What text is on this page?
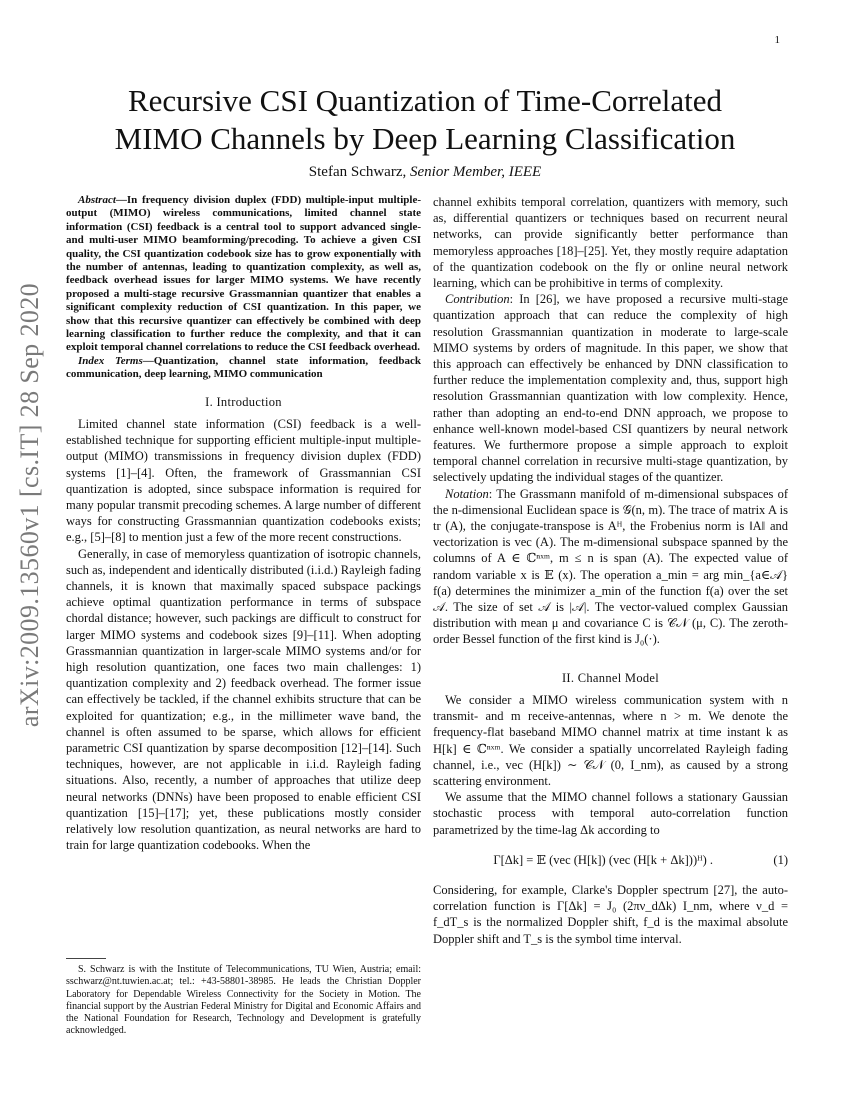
1
arXiv:2009.13560v1 [cs.IT] 28 Sep 2020
Recursive CSI Quantization of Time-Correlated
MIMO Channels by Deep Learning Classification
Stefan Schwarz, Senior Member, IEEE

Abstract—In frequency division duplex (FDD) multiple-input multiple-output (MIMO) wireless communications, limited channel state information (CSI) feedback is a central tool to support advanced single- and multi-user MIMO beamforming/precoding. To achieve a given CSI quality, the CSI quantization codebook size has to grow exponentially with the number of antennas, leading to quantization complexity, as well as, feedback overhead issues for larger MIMO systems. We have recently proposed a multi-stage recursive Grassmannian quantizer that enables a significant complexity reduction of CSI quantization. In this paper, we show that this recursive quantizer can effectively be combined with deep learning classification to further reduce the complexity, and that it can exploit temporal channel correlations to reduce the CSI feedback overhead.

Index Terms—Quantization, channel state information, feedback communication, deep learning, MIMO communication

I. Introduction

Limited channel state information (CSI) feedback is a well-established technique for supporting efficient multiple-input multiple-output (MIMO) transmissions in frequency division duplex (FDD) systems [1]–[4]. Often, the framework of Grassmannian CSI quantization is adopted, since subspace information is required for many popular transmit precoding schemes. A large number of different ways for constructing Grassmannian quantization codebooks exists; e.g., [5]–[8] to mention just a few of the more recent constructions.

Generally, in case of memoryless quantization of isotropic channels, such as, independent and identically distributed (i.i.d.) Rayleigh fading channels, it is known that maximally spaced subspace packings achieve optimal quantization performance in terms of subspace chordal distance; however, such packings are difficult to construct for larger MIMO systems and codebook sizes [9]–[11]. When adopting Grassmannian quantization in larger-scale MIMO systems and/or for high resolution quantization, one faces two main challenges: 1) quantization complexity and 2) feedback overhead. The former issue can effectively be tackled, if the channel exhibits structure that can be exploited for quantization; e.g., in the millimeter wave band, the channel is often assumed to be sparse, which allows for efficient parametric CSI quantization by sparse decomposition [12]–[14]. Such techniques, however, are not applicable in i.i.d. Rayleigh fading situations. Also, recently, a number of approaches that utilize deep neural networks (DNNs) have been proposed to enable efficient CSI quantization [15]–[17]; yet, these publications mostly consider relatively low resolution quantization, as neural networks are hard to train for large quantization codebooks. When the

S. Schwarz is with the Institute of Telecommunications, TU Wien, Austria; email: sschwarz@nt.tuwien.ac.at; tel.: +43-58801-38985. He leads the Christian Doppler Laboratory for Dependable Wireless Connectivity for the Society in Motion. The financial support by the Austrian Federal Ministry for Digital and Economic Affairs and the National Foundation for Research, Technology and Development is gratefully acknowledged.

channel exhibits temporal correlation, quantizers with memory, such as, differential quantizers or techniques based on recurrent neural networks, can provide significantly better performance than memoryless approaches [18]–[25]. Yet, they mostly require adaptation of the quantization codebook on the fly or online neural network learning, which can be prohibitive in terms of complexity.

Contribution: In [26], we have proposed a recursive multi-stage quantization approach that can reduce the complexity of high resolution Grassmannian quantization in moderate to large-scale MIMO systems by orders of magnitude. In this paper, we show that this approach can effectively be enhanced by DNN classification to further reduce the implementation complexity and, thus, support high resolution Grassmannian quantization with low complexity. Hence, rather than adopting an end-to-end DNN approach, we propose to enhance well-known model-based CSI quantizers by neural network features. We furthermore propose a simple approach to exploit temporal channel correlation in recursive multi-stage quantization, by selectively updating the individual stages of the quantizer.

Notation: The Grassmann manifold of m-dimensional subspaces of the n-dimensional Euclidean space is 𝒢(n, m). The trace of matrix A is tr (A), the conjugate-transpose is Aᴴ, the Frobenius norm is ‖A‖ and vectorization is vec (A). The m-dimensional subspace spanned by the columns of A ∈ ℂⁿˣᵐ, m ≤ n is span (A). The expected value of random variable x is 𝔼 (x). The operation a_min = arg min_{a∈𝒜} f(a) determines the minimizer a_min of the function f(a) over the set 𝒜. The size of set 𝒜 is |𝒜|. The vector-valued complex Gaussian distribution with mean μ and covariance C is 𝒞𝒩 (μ, C). The zeroth-order Bessel function of the first kind is J₀(·).

II. Channel Model

We consider a MIMO wireless communication system with n transmit- and m receive-antennas, where n > m. We denote the frequency-flat baseband MIMO channel matrix at time instant k as H[k] ∈ ℂⁿˣᵐ. We consider a spatially uncorrelated Rayleigh fading channel, i.e., vec (H[k]) ∼ 𝒞𝒩 (0, I_nm), as caused by a strong scattering environment.

We assume that the MIMO channel follows a stationary Gaussian stochastic process with temporal auto-correlation function parametrized by the time-lag Δk according to

Γ[Δk] = 𝔼 (vec (H[k]) (vec (H[k + Δk]))ᴴ) .	(1)

Considering, for example, Clarke's Doppler spectrum [27], the auto-correlation function is Γ[Δk] = J₀ (2πν_dΔk) I_nm, where ν_d = f_dT_s is the normalized Doppler shift, f_d is the maximal absolute Doppler shift and T_s is the symbol time interval.
